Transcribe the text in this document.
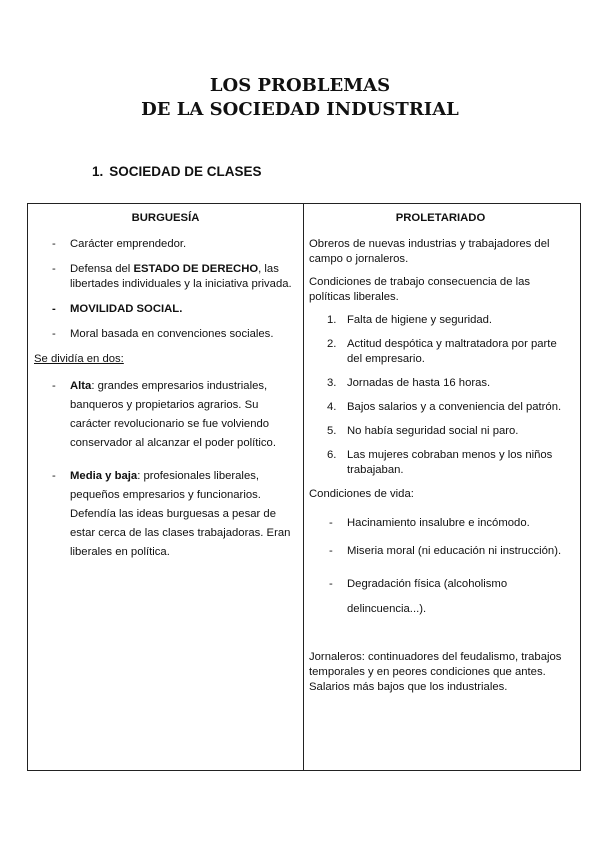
LOS PROBLEMAS
DE LA SOCIEDAD INDUSTRIAL
1. SOCIEDAD DE CLASES
BURGUESÍA
- Carácter emprendedor.
- Defensa del ESTADO DE DERECHO, las libertades individuales y la iniciativa privada.
- MOVILIDAD SOCIAL.
- Moral basada en convenciones sociales.
Se dividía en dos:
- Alta: grandes empresarios industriales, banqueros y propietarios agrarios. Su carácter revolucionario se fue volviendo conservador al alcanzar el poder político.
- Media y baja: profesionales liberales, pequeños empresarios y funcionarios. Defendía las ideas burguesas a pesar de estar cerca de las clases trabajadoras. Eran liberales en política.
PROLETARIADO

Obreros de nuevas industrias y trabajadores del campo o jornaleros.

Condiciones de trabajo consecuencia de las políticas liberales.

1. Falta de higiene y seguridad.
2. Actitud despótica y maltratadora por parte del empresario.
3. Jornadas de hasta 16 horas.
4. Bajos salarios y a conveniencia del patrón.
5. No había seguridad social ni paro.
6. Las mujeres cobraban menos y los niños trabajaban.

Condiciones de vida:

- Hacinamiento insalubre e incómodo.
- Miseria moral (ni educación ni instrucción).
- Degradación física (alcoholismo delincuencia...).

Jornaleros: continuadores del feudalismo, trabajos temporales y en peores condiciones que antes.
Salarios más bajos que los industriales.
